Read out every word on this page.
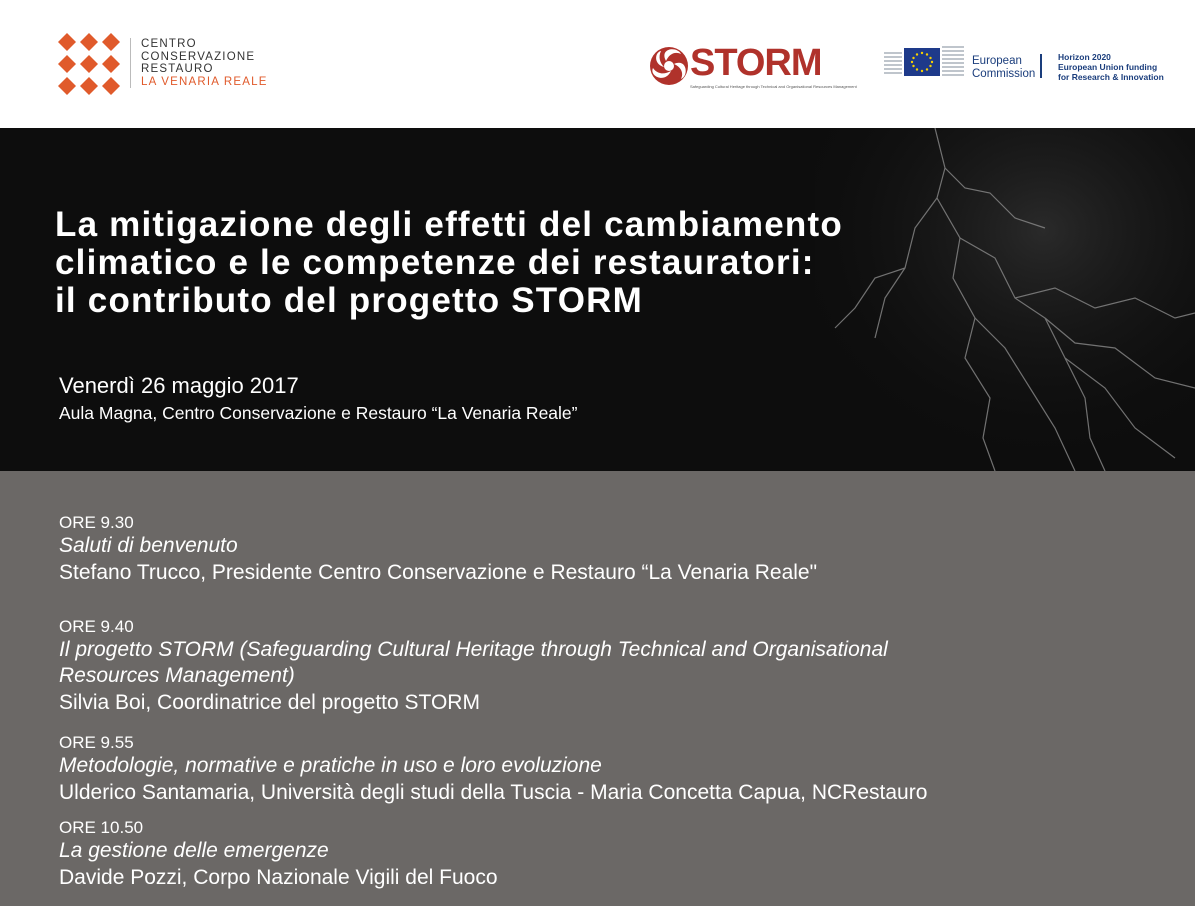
CENTRO
CONSERVAZIONE
RESTAURO
LA VENARIA REALE	STORM
Safeguarding Cultural Heritage through Technical and Organisational Resources Management
European
Commission
Horizon 2020
European Union funding
for Research & Innovation
La mitigazione degli effetti del cambiamento
climatico e le competenze dei restauratori:
il contributo del progetto STORM
Venerdì 26 maggio 2017
Aula Magna, Centro Conservazione e Restauro “La Venaria Reale”
ORE 9.30
Saluti di benvenuto
Stefano Trucco, Presidente Centro Conservazione e Restauro “La Venaria Reale"
ORE 9.40
Il progetto STORM (Safeguarding Cultural Heritage through Technical and Organisational
Resources Management)
Silvia Boi, Coordinatrice del progetto STORM
ORE 9.55
Metodologie, normative e pratiche in uso e loro evoluzione
Ulderico Santamaria, Università degli studi della Tuscia - Maria Concetta Capua, NCRestauro
ORE 10.50
La gestione delle emergenze
Davide Pozzi, Corpo Nazionale Vigili del Fuoco
